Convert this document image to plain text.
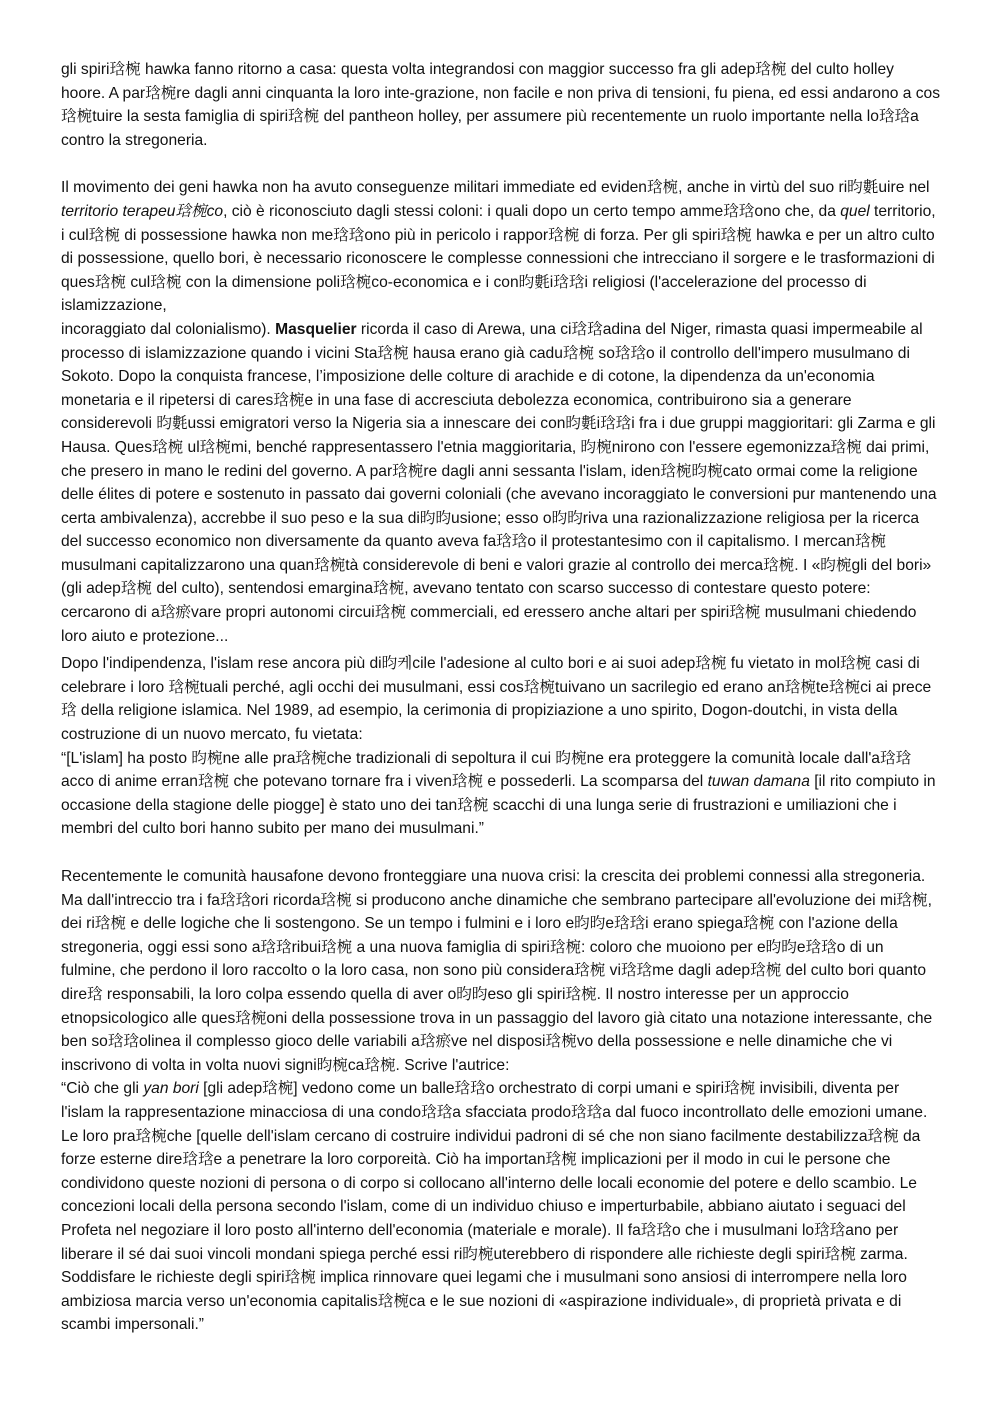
gli spiri琀椀 hawka fanno ritorno a casa: questa volta integrandosi con maggior successo fra gli adep琀椀 del culto holley hoore. A par琀椀re dagli anni cinquanta la loro inte-grazione, non facile e non priva di tensioni, fu piena, ed essi andarono a cos琀椀tuire la sesta famiglia di spiri琀椀 del pantheon holley, per assumere più recentemente un ruolo importante nella lo琀琀a contro la stregoneria.

Il movimento dei geni hawka non ha avuto conseguenze militari immediate ed eviden琀椀, anche in virtù del suo ri昀氀uire nel territorio terapeu琀椀co, ciò è riconosciuto dagli stessi coloni: i quali dopo un certo tempo amme琀琀ono che, da quel territorio, i cul琀椀 di possessione hawka non me琀琀ono più in pericolo i rappor琀椀 di forza. Per gli spiri琀椀 hawka e per un altro culto di possessione, quello bori, è necessario riconoscere le complesse connessioni che intrecciano il sorgere e le trasformazioni di ques琀椀 cul琀椀 con la dimensione poli琀椀co-economica e i con昀氀i琀琀i religiosi (l'accelerazione del processo di islamizzazione,

incoraggiato dal colonialismo). Masquelier ricorda il caso di Arewa, una ci琀琀adina del Niger, rimasta quasi impermeabile al processo di islamizzazione quando i vicini Sta琀椀 hausa erano già cadu琀椀 so琀琀o il controllo dell'impero musulmano di Sokoto. Dopo la conquista francese, l’imposizione delle colture di arachide e di cotone, la dipendenza da un'economia monetaria e il ripetersi di cares琀椀e in una fase di accresciuta debolezza economica, contribuirono sia a generare considerevoli 昀氀ussi emigratori verso la Nigeria sia a innescare dei con昀氀i琀琀i fra i due gruppi maggioritari: gli Zarma e gli Hausa. Ques琀椀 ul琀椀mi, benché rappresentassero l'etnia maggioritaria, 昀椀nirono con l'essere egemonizza琀椀 dai primi, che presero in mano le redini del governo. A par琀椀re dagli anni sessanta l'islam, iden琀椀昀椀cato ormai come la religione delle élites di potere e sostenuto in passato dai governi coloniali (che avevano incoraggiato le conversioni pur mantenendo una certa ambivalenza), accrebbe il suo peso e la sua di昀昀usione; esso o昀昀riva una razionalizzazione religiosa per la ricerca del successo economico non diversamente da quanto aveva fa琀琀o il protestantesimo con il capitalismo. I mercan琀椀 musulmani capitalizzarono una quan琀椀tà considerevole di beni e valori grazie al controllo dei merca琀椀. I «昀椀gli del bori» (gli adep琀椀 del culto), sentendosi emargina琀椀, avevano tentato con scarso successo di contestare questo potere: cercarono di a琀瘀vare propri autonomi circui琀椀 commerciali, ed eressero anche altari per spiri琀椀 musulmani chiedendo loro aiuto e protezione...

Dopo l'indipendenza, l'islam rese ancora più di昀케cile l'adesione al culto bori e ai suoi adep琀椀 fu vietato in mol琀椀 casi di celebrare i loro 琀椀tuali perché, agli occhi dei musulmani, essi cos琀椀tuivano un sacrilegio ed erano an琀椀te琀椀ci ai prece琀 della religione islamica. Nel 1989, ad esempio, la cerimonia di propiziazione a uno spirito, Dogon-doutchi, in vista della costruzione di un nuovo mercato, fu vietata:

“[L'islam] ha posto 昀椀ne alle pra琀椀che tradizionali di sepoltura il cui 昀椀ne era proteggere la comunità locale dall'a琀琀acco di anime erran琀椀 che potevano tornare fra i viven琀椀 e possederli. La scomparsa del tuwan damana [il rito compiuto in occasione della stagione delle piogge] è stato uno dei tan琀椀 scacchi di una lunga serie di frustrazioni e umiliazioni che i membri del culto bori hanno subito per mano dei musulmani.”

Recentemente le comunità hausafone devono fronteggiare una nuova crisi: la crescita dei problemi connessi alla stregoneria. Ma dall'intreccio tra i fa琀琀ori ricorda琀椀 si producono anche dinamiche che sembrano partecipare all'evoluzione dei mi琀椀, dei ri琀椀 e delle logiche che li sostengono. Se un tempo i fulmini e i loro e昀昀e琀琀i erano spiega琀椀 con l'azione della stregoneria, oggi essi sono a琀琀ribui琀椀 a una nuova famiglia di spiri琀椀: coloro che muoiono per e昀昀e琀琀o di un fulmine, che perdono il loro raccolto o la loro casa, non sono più considera琀椀 vi琀琀me dagli adep琀椀 del culto bori quanto dire琀 responsabili, la loro colpa essendo quella di aver o昀昀eso gli spiri琀椀. Il nostro interesse per un approccio etnopsicologico alle ques琀椀oni della possessione trova in un passaggio del lavoro già citato una notazione interessante, che ben so琀琀olinea il complesso gioco delle variabili a琀瘀ve nel disposi琀椀vo della possessione e nelle dinamiche che vi inscrivono di volta in volta nuovi signi昀椀ca琀椀. Scrive l'autrice:

“Ciò che gli yan bori [gli adep琀椀] vedono come un balle琀琀o orchestrato di corpi umani e spiri琀椀 invisibili, diventa per l'islam la rappresentazione minacciosa di una condo琀琀a sfacciata prodo琀琀a dal fuoco incontrollato delle emozioni umane. Le loro pra琀椀che [quelle dell'islam cercano di costruire individui padroni di sé che non siano facilmente destabilizza琀椀 da forze esterne dire琀琀e a penetrare la loro corporeità. Ciò ha importan琀椀 implicazioni per il modo in cui le persone che condividono queste nozioni di persona o di corpo si collocano all'interno delle locali economie del potere e dello scambio. Le concezioni locali della persona secondo l'islam, come di un individuo chiuso e imperturbabile, abbiano aiutato i seguaci del Profeta nel negoziare il loro posto all'interno dell'economia (materiale e morale). Il fa琀琀o che i musulmani lo琀琀ano per liberare il sé dai suoi vincoli mondani spiega perché essi ri昀椀uterebbero di rispondere alle richieste degli spiri琀椀 zarma. Soddisfare le richieste degli spiri琀椀 implica rinnovare quei legami che i musulmani sono ansiosi di interrompere nella loro ambiziosa marcia verso un'economia capitalis琀椀ca e le sue nozioni di «aspirazione individuale», di proprietà privata e di scambi impersonali.”
